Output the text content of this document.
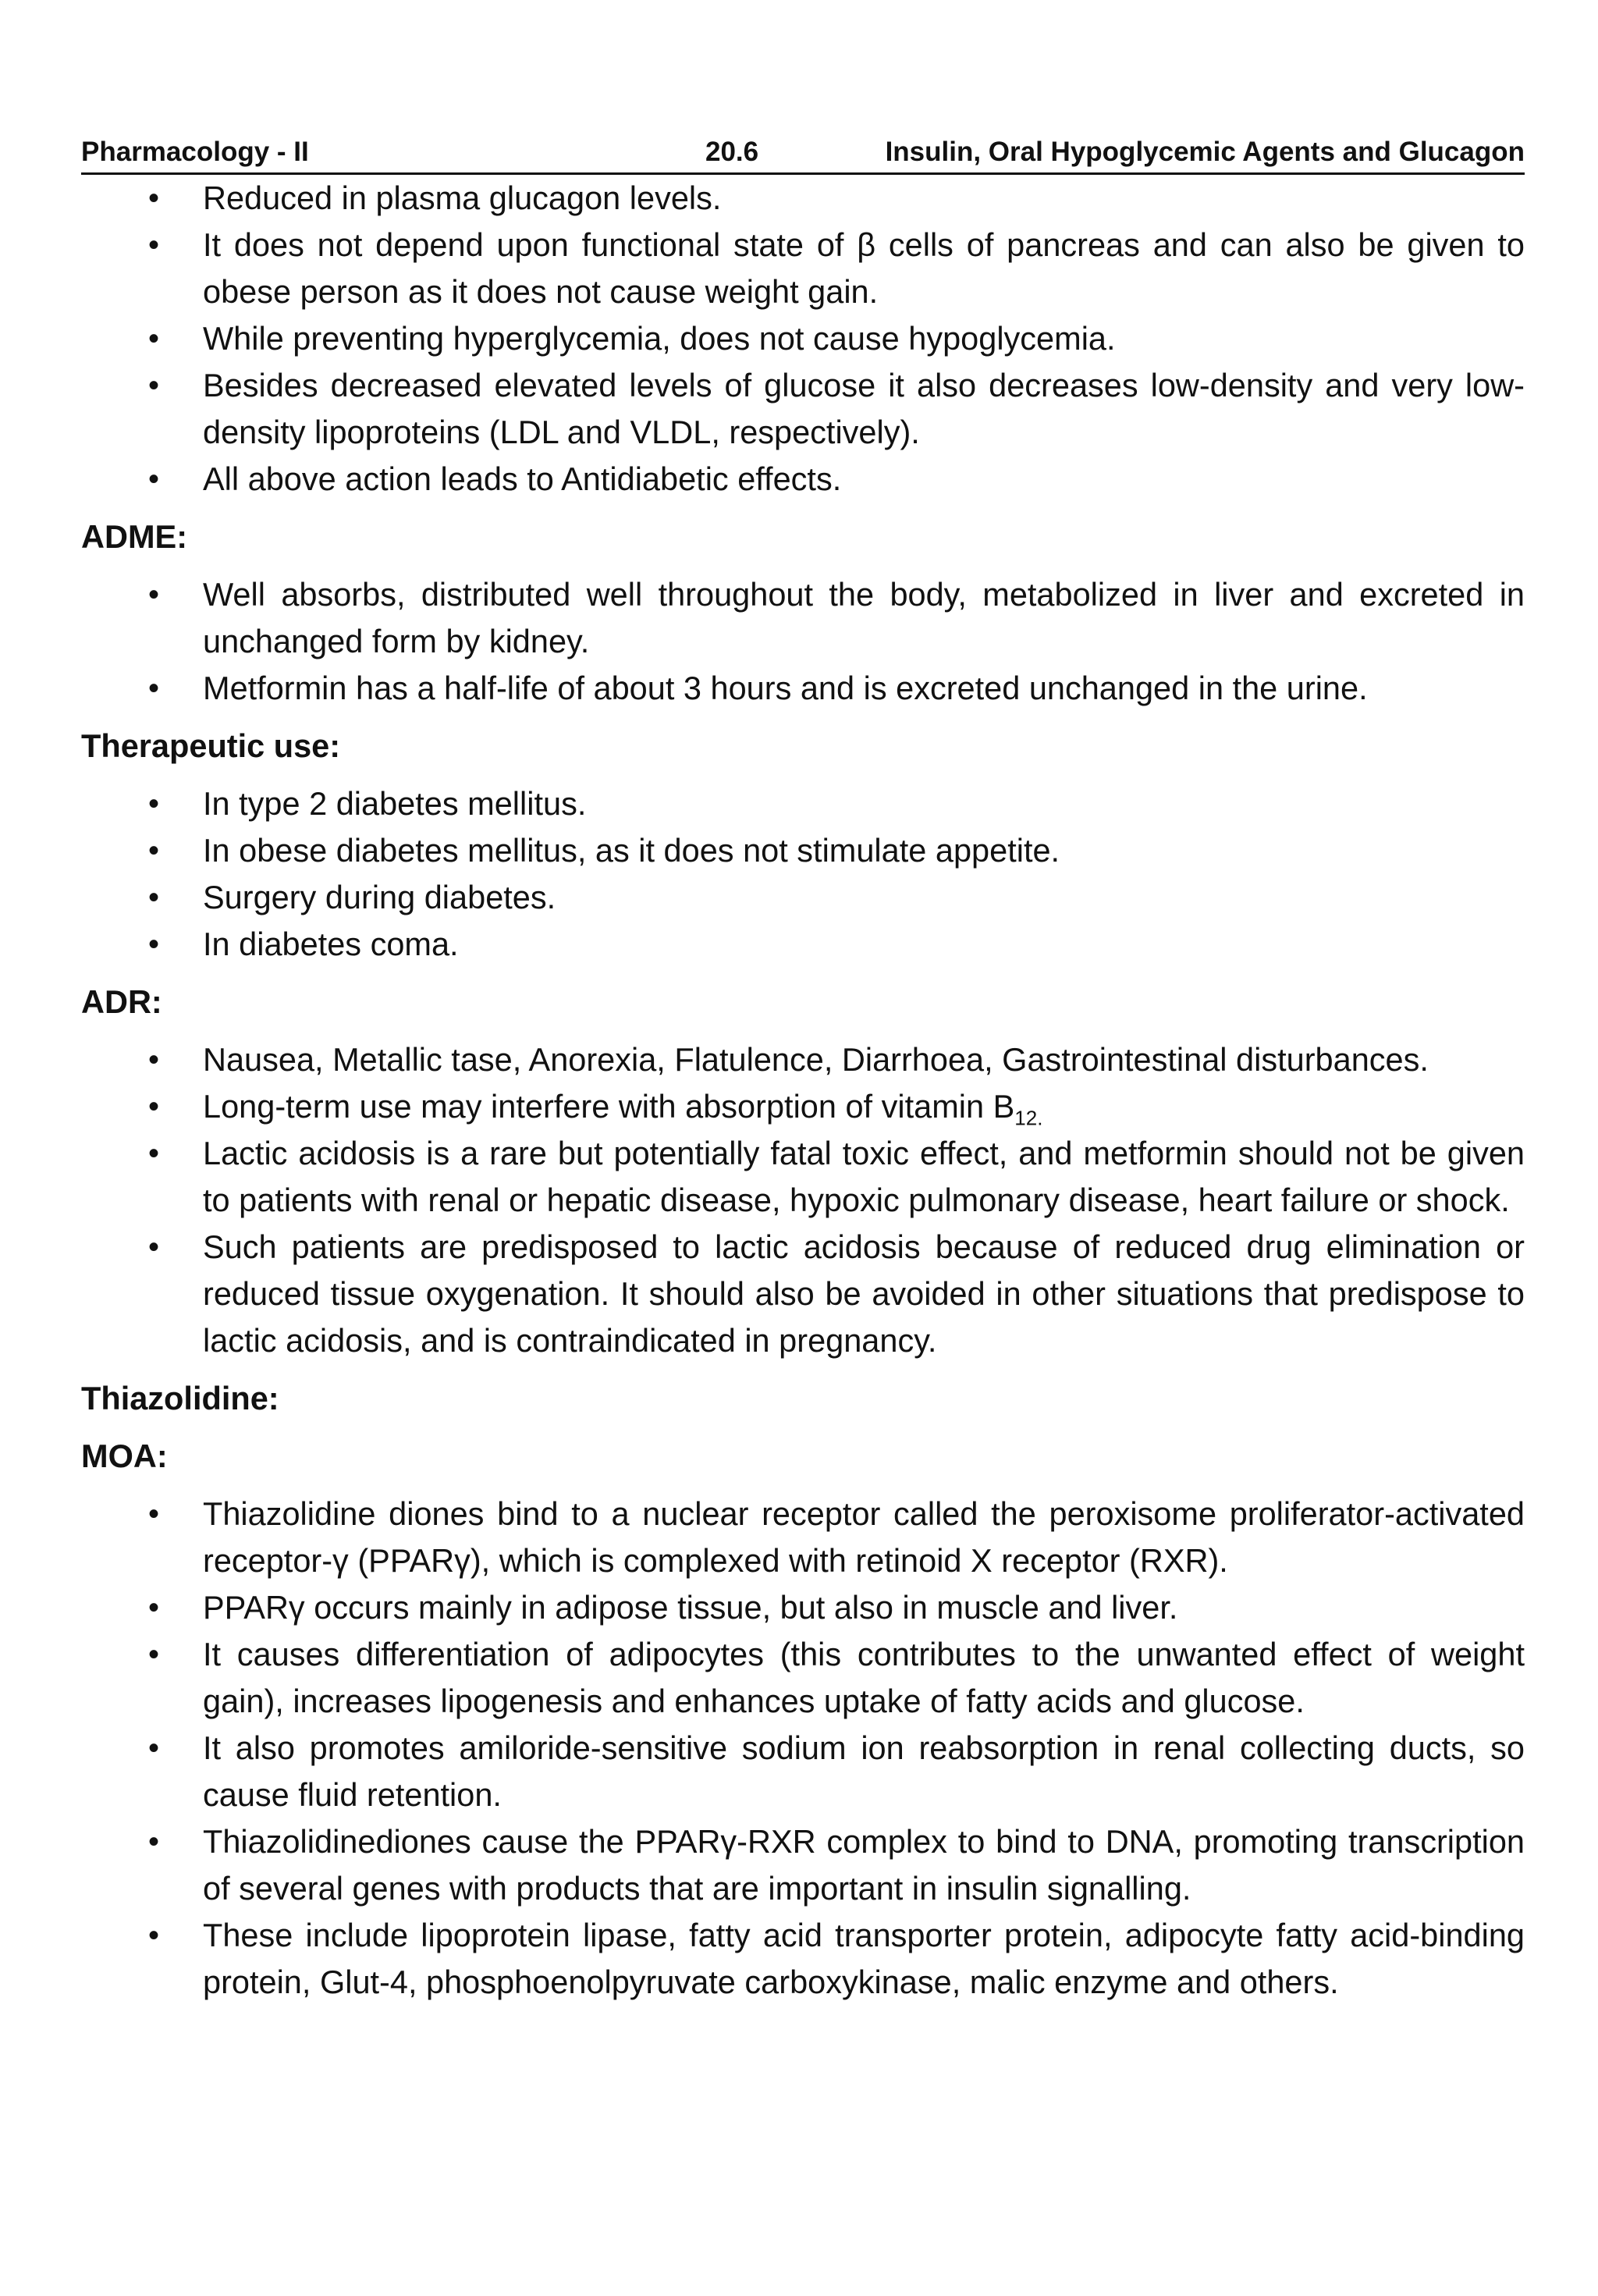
Pharmacology - II	20.6	Insulin, Oral Hypoglycemic Agents and Glucagon
• Reduced in plasma glucagon levels.
• It does not depend upon functional state of β cells of pancreas and can also be given to obese person as it does not cause weight gain.
• While preventing hyperglycemia, does not cause hypoglycemia.
• Besides decreased elevated levels of glucose it also decreases low-density and very low-density lipoproteins (LDL and VLDL, respectively).
• All above action leads to Antidiabetic effects.
ADME:
• Well absorbs, distributed well throughout the body, metabolized in liver and excreted in unchanged form by kidney.
• Metformin has a half-life of about 3 hours and is excreted unchanged in the urine.
Therapeutic use:
• In type 2 diabetes mellitus.
• In obese diabetes mellitus, as it does not stimulate appetite.
• Surgery during diabetes.
• In diabetes coma.
ADR:
• Nausea, Metallic tase, Anorexia, Flatulence, Diarrhoea, Gastrointestinal disturbances.
• Long-term use may interfere with absorption of vitamin $B_{12.}$
• Lactic acidosis is a rare but potentially fatal toxic effect, and metformin should not be given to patients with renal or hepatic disease, hypoxic pulmonary disease, heart failure or shock.
• Such patients are predisposed to lactic acidosis because of reduced drug elimination or reduced tissue oxygenation. It should also be avoided in other situations that predispose to lactic acidosis, and is contraindicated in pregnancy.
Thiazolidine:
MOA:
• Thiazolidine diones bind to a nuclear receptor called the peroxisome proliferator-activated receptor-γ (PPARγ), which is complexed with retinoid X receptor (RXR).
• PPARγ occurs mainly in adipose tissue, but also in muscle and liver.
• It causes differentiation of adipocytes (this contributes to the unwanted effect of weight gain), increases lipogenesis and enhances uptake of fatty acids and glucose.
• It also promotes amiloride-sensitive sodium ion reabsorption in renal collecting ducts, so cause fluid retention.
• Thiazolidinediones cause the PPARγ-RXR complex to bind to DNA, promoting transcription of several genes with products that are important in insulin signalling.
• These include lipoprotein lipase, fatty acid transporter protein, adipocyte fatty acid-binding protein, Glut-4, phosphoenolpyruvate carboxykinase, malic enzyme and others.
